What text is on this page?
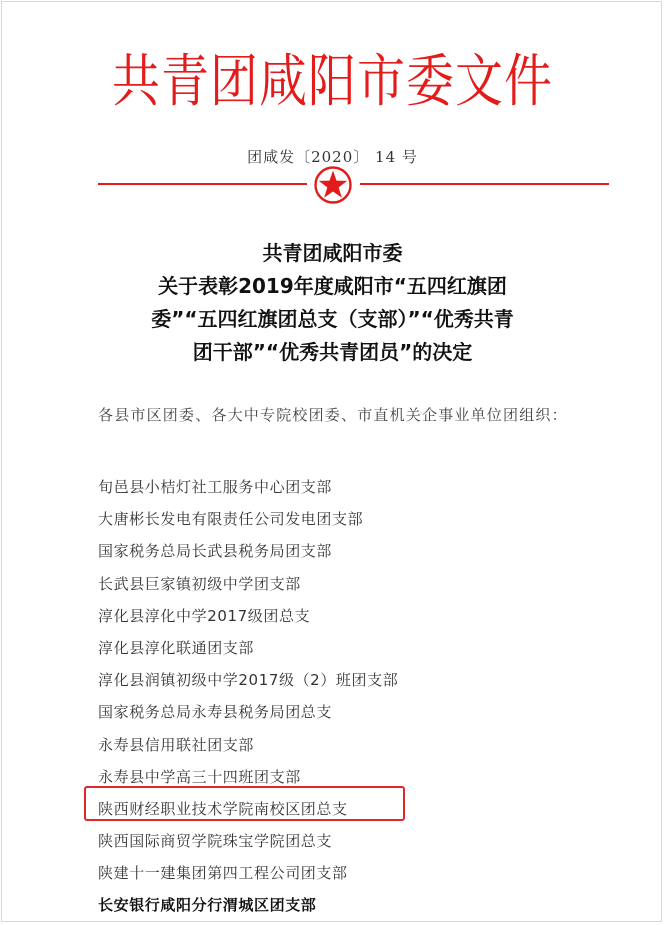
共青团咸阳市委文件
团咸发〔2020〕 14 号
共青团咸阳市委
关于表彰2019年度咸阳市“五四红旗团
委”“五四红旗团总支（支部）”“优秀共青
团干部”“优秀共青团员”的决定
各县市区团委、各大中专院校团委、市直机关企事业单位团组织：
旬邑县小桔灯社工服务中心团支部
大唐彬长发电有限责任公司发电团支部
国家税务总局长武县税务局团支部
长武县巨家镇初级中学团支部
淳化县淳化中学2017级团总支
淳化县淳化联通团支部
淳化县润镇初级中学2017级（2）班团支部
国家税务总局永寿县税务局团总支
永寿县信用联社团支部
永寿县中学高三十四班团支部
陕西财经职业技术学院南校区团总支
陕西国际商贸学院珠宝学院团总支
陕建十一建集团第四工程公司团支部
长安银行咸阳分行渭城区团支部
